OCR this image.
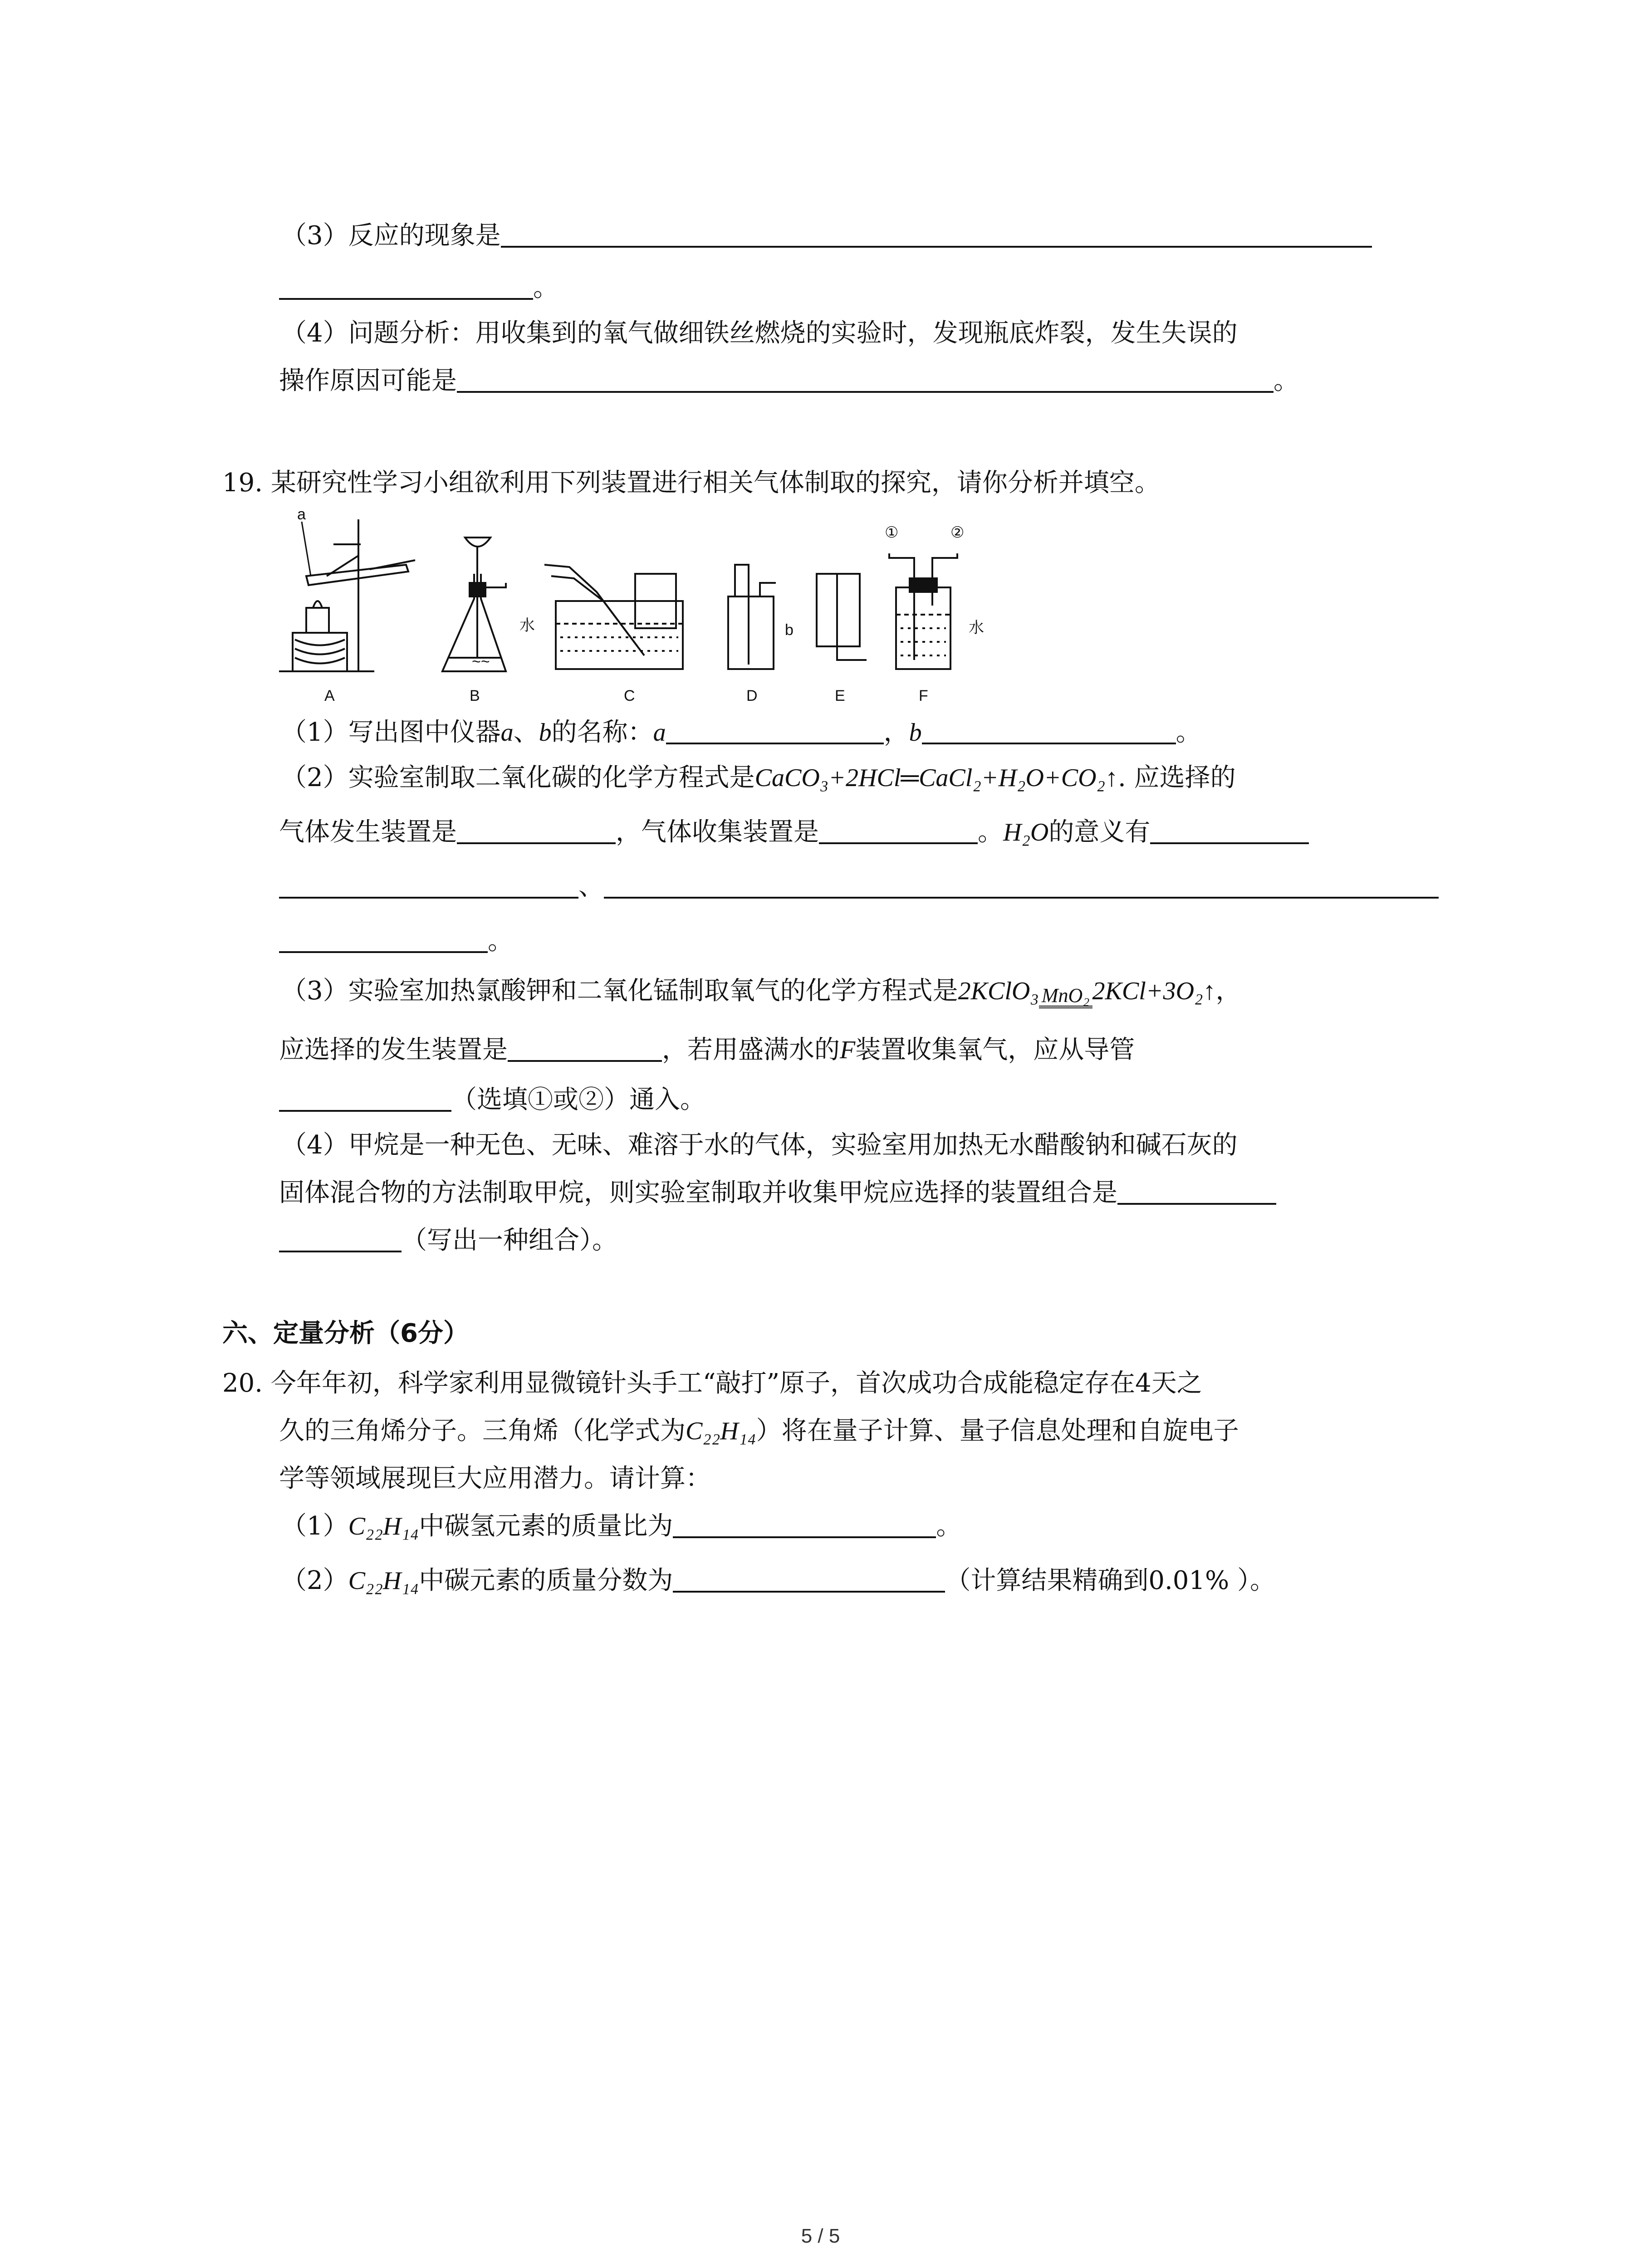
（3）反应的现象是
。
（4）问题分析：用收集到的氧气做细铁丝燃烧的实验时，发现瓶底炸裂，发生失误的
操作原因可能是	。
19. 某研究性学习小组欲利用下列装置进行相关气体制取的探究，请你分析并填空。
a
~~
水	b
①	②
水
A	B	C	D	E	F
（1）写出图中仪器a、b的名称：a	，b	。
（2）实验室制取二氧化碳的化学方程式是CaCO₃+2HCl═CaCl₂+H₂O+CO₂↑. 应选择的
气体发生装置是	，气体收集装置是	。H₂O的意义有
、
。
（3）实验室加热氯酸钾和二氧化锰制取氧气的化学方程式是2KClO₃ MnO₂ 2KCl+3O₂↑，
应选择的发生装置是	，若用盛满水的F装置收集氧气，应从导管
（选填①或②）通入。
（4）甲烷是一种无色、无味、难溶于水的气体，实验室用加热无水醋酸钠和碱石灰的
固体混合物的方法制取甲烷，则实验室制取并收集甲烷应选择的装置组合是
（写出一种组合）。
六、定量分析（6分）
20. 今年年初，科学家利用显微镜针头手工“敲打”原子，首次成功合成能稳定存在4天之
久的三角烯分子。三角烯（化学式为C₂₂H₁₄）将在量子计算、量子信息处理和自旋电子
学等领域展现巨大应用潜力。请计算：
（1）C₂₂H₁₄中碳氢元素的质量比为	。
（2）C₂₂H₁₄中碳元素的质量分数为	（计算结果精确到0.01% ）。
5 / 5
